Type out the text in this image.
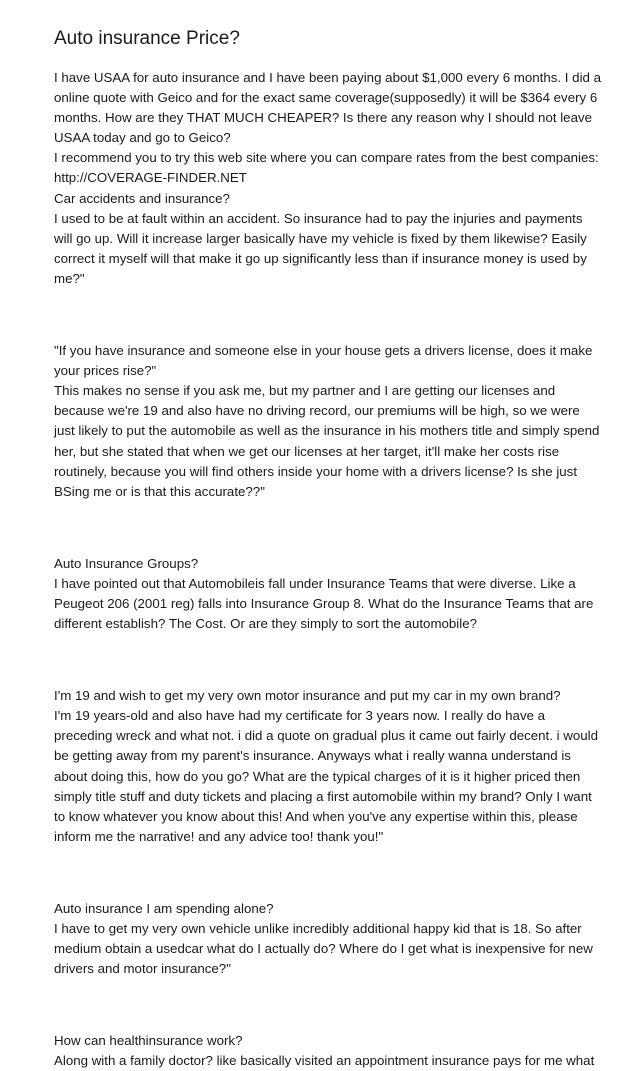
Auto insurance Price?

I have USAA for auto insurance and I have been paying about $1,000 every 6 months. I did a

online quote with Geico and for the exact same coverage(supposedly) it will be $364 every 6

months. How are they THAT MUCH CHEAPER? Is there any reason why I should not leave

USAA today and go to Geico?

I recommend you to try this web site where you can compare rates from the best companies:

http://COVERAGE-FINDER.NET

Car accidents and insurance?

I used to be at fault within an accident. So insurance had to pay the injuries and payments

will go up. Will it increase larger basically have my vehicle is fixed by them likewise? Easily

correct it myself will that make it go up significantly less than if insurance money is used by

me?"

"If you have insurance and someone else in your house gets a drivers license, does it make

your prices rise?"

This makes no sense if you ask me, but my partner and I are getting our licenses and

because we're 19 and also have no driving record, our premiums will be high, so we were

just likely to put the automobile as well as the insurance in his mothers title and simply spend

her, but she stated that when we get our licenses at her target, it'll make her costs rise

routinely, because you will find others inside your home with a drivers license? Is she just

BSing me or is that this accurate??"

Auto Insurance Groups?

I have pointed out that Automobileis fall under Insurance Teams that were diverse. Like a

Peugeot 206 (2001 reg) falls into Insurance Group 8. What do the Insurance Teams that are

different establish? The Cost. Or are they simply to sort the automobile?

I'm 19 and wish to get my very own motor insurance and put my car in my own brand?

I'm 19 years-old and also have had my certificate for 3 years now. I really do have a

preceding wreck and what not. i did a quote on gradual plus it came out fairly decent. i would

be getting away from my parent's insurance. Anyways what i really wanna understand is

about doing this, how do you go? What are the typical charges of it is it higher priced then

simply title stuff and duty tickets and placing a first automobile within my brand? Only I want

to know whatever you know about this! And when you've any expertise within this, please

inform me the narrative! and any advice too! thank you!"

Auto insurance I am spending alone?

I have to get my very own vehicle unlike incredibly additional happy kid that is 18. So after

medium obtain a usedcar what do I actually do? Where do I get what is inexpensive for new

drivers and motor insurance?"

How can healthinsurance work?

Along with a family doctor? like basically visited an appointment insurance pays for me what
